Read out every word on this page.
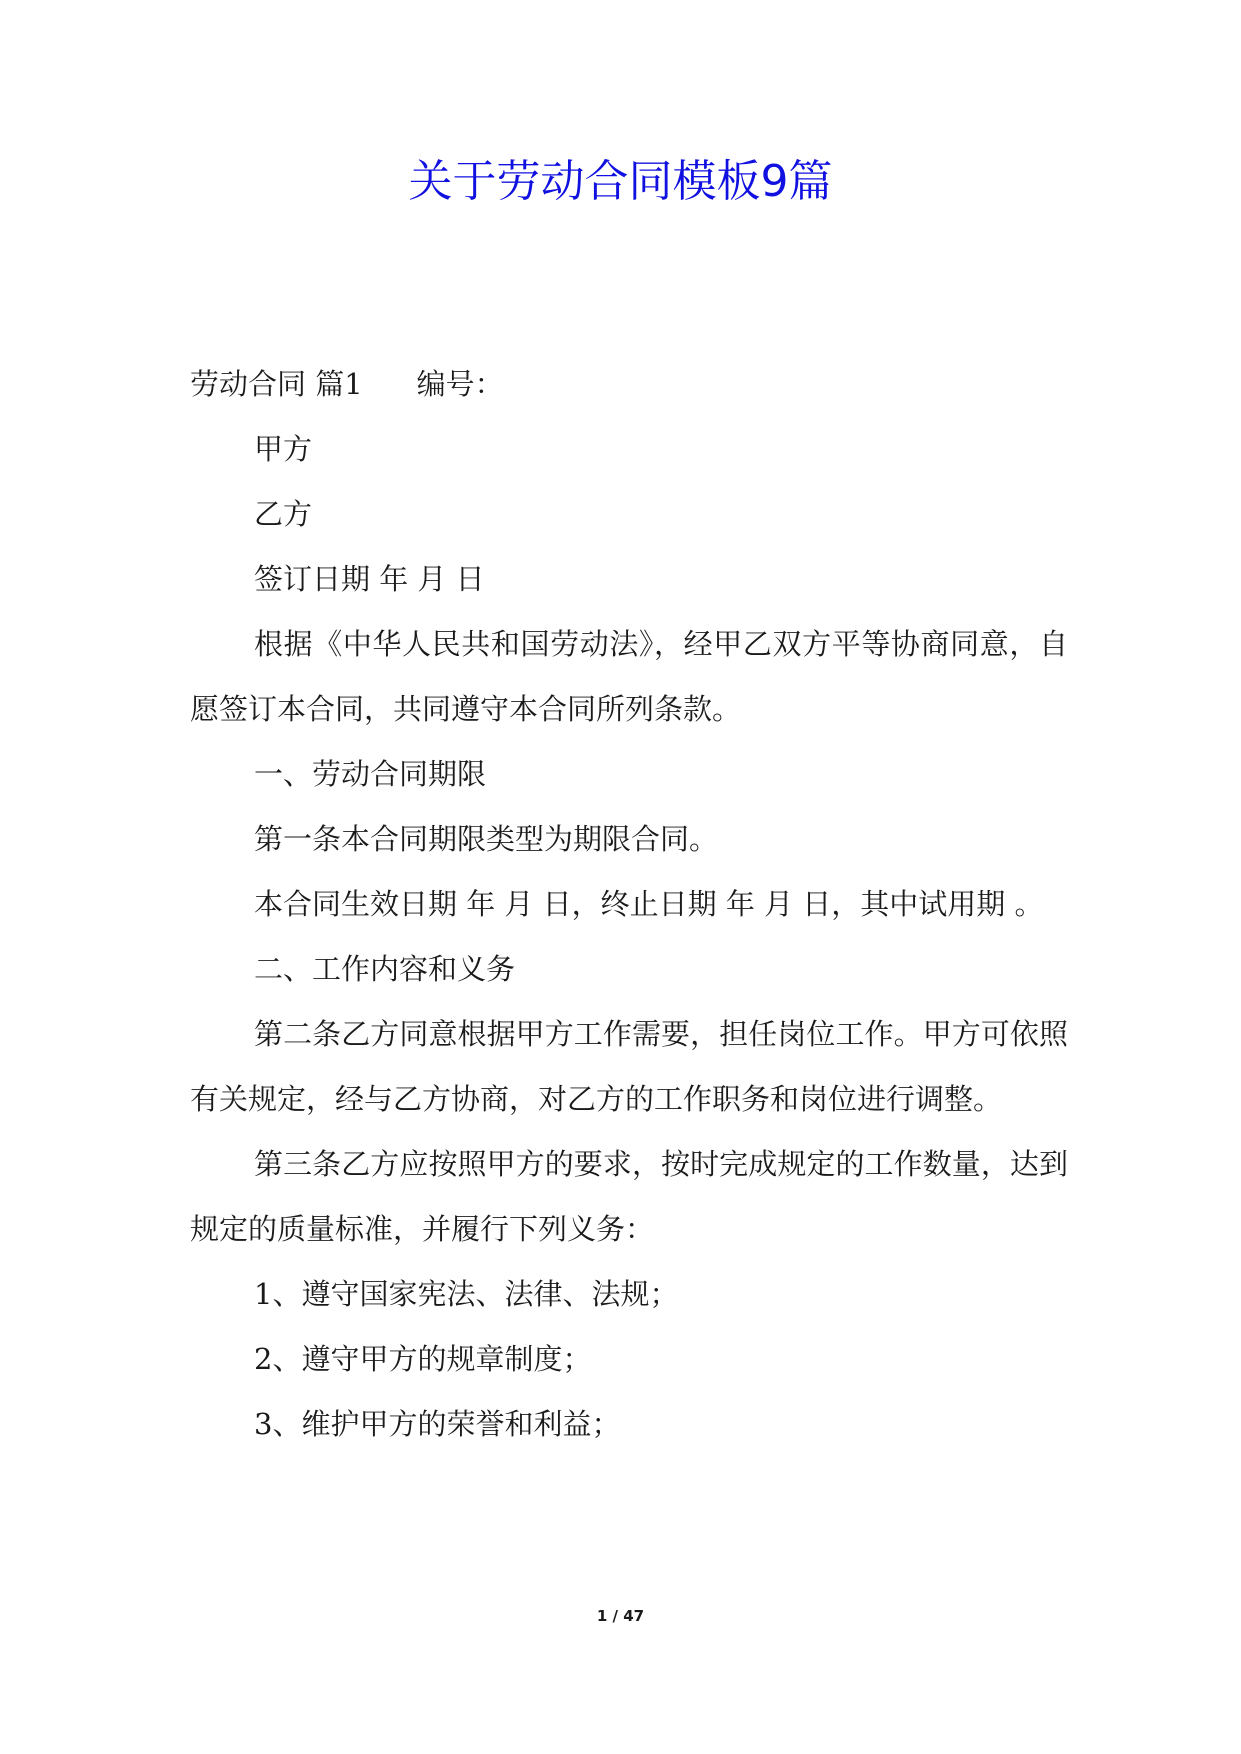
关于劳动合同模板9篇

劳动合同 篇1 编号：

甲方

乙方

签订日期 年 月 日

根据《中华人民共和国劳动法》，经甲乙双方平等协商同意，自愿签订本合同，共同遵守本合同所列条款。

一、劳动合同期限

第一条本合同期限类型为期限合同。

本合同生效日期 年 月 日，终止日期 年 月 日，其中试用期 。

二、工作内容和义务

第二条乙方同意根据甲方工作需要，担任岗位工作。甲方可依照有关规定，经与乙方协商，对乙方的工作职务和岗位进行调整。

第三条乙方应按照甲方的要求，按时完成规定的工作数量，达到规定的质量标准，并履行下列义务：

1、遵守国家宪法、法律、法规；

2、遵守甲方的规章制度；

3、维护甲方的荣誉和利益；

1 / 47
